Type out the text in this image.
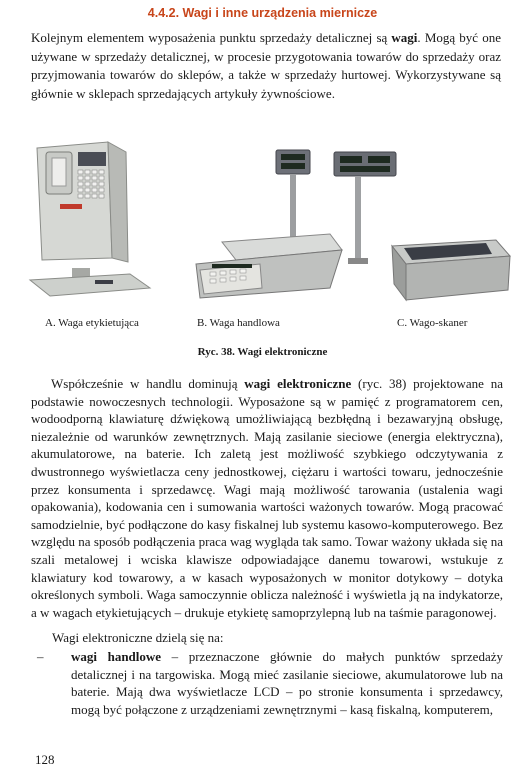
4.4.2. Wagi i inne urządzenia miernicze
Kolejnym elementem wyposażenia punktu sprzedaży detalicznej są wagi. Mogą być one używane w sprzedaży detalicznej, w procesie przygotowania towarów do sprzedaży oraz przyjmowania towarów do sklepów, a także w sprzedaży hurtowej. Wykorzystywane są głównie w sklepach sprzedających artykuły żywnościowe.
A. Waga etykietująca	B. Waga handlowa	C. Wago-skaner
Ryc. 38. Wagi elektroniczne

Współcześnie w handlu dominują wagi elektroniczne (ryc. 38) projektowane na podstawie nowoczesnych technologii. Wyposażone są w pamięć z programatorem cen, wodoodporną klawiaturę dźwiękową umożliwiającą bezbłędną i bezawaryjną obsługę, niezależnie od warunków zewnętrznych. Mają zasilanie sieciowe (energia elektryczna), akumulatorowe, na baterie. Ich zaletą jest możliwość szybkiego odczytywania z dwustronnego wyświetlacza ceny jednostkowej, ciężaru i wartości towaru, jednocześnie przez konsumenta i sprzedawcę. Wagi mają możliwość tarowania (ustalenia wagi opakowania), kodowania cen i sumowania wartości ważonych towarów. Mogą pracować samodzielnie, być podłączone do kasy fiskalnej lub systemu kasowo-komputerowego. Bez względu na sposób podłączenia praca wag wygląda tak samo. Towar ważony układa się na szali metalowej i wciska klawisze odpowiadające danemu towarowi, wstukuje z klawiatury kod towarowy, a w kasach wyposażonych w monitor dotykowy – dotyka określonych symboli. Waga samoczynnie oblicza należność i wyświetla ją na indykatorze, a w wagach etykietujących – drukuje etykietę samoprzylepną lub na taśmie paragonowej.

Wagi elektroniczne dzielą się na:
– wagi handlowe – przeznaczone głównie do małych punktów sprzedaży detalicznej i na targowiska. Mogą mieć zasilanie sieciowe, akumulatorowe lub na baterie. Mają dwa wyświetlacze LCD – po stronie konsumenta i sprzedawcy, mogą być połączone z urządzeniami zewnętrznymi – kasą fiskalną, komputerem,
128
